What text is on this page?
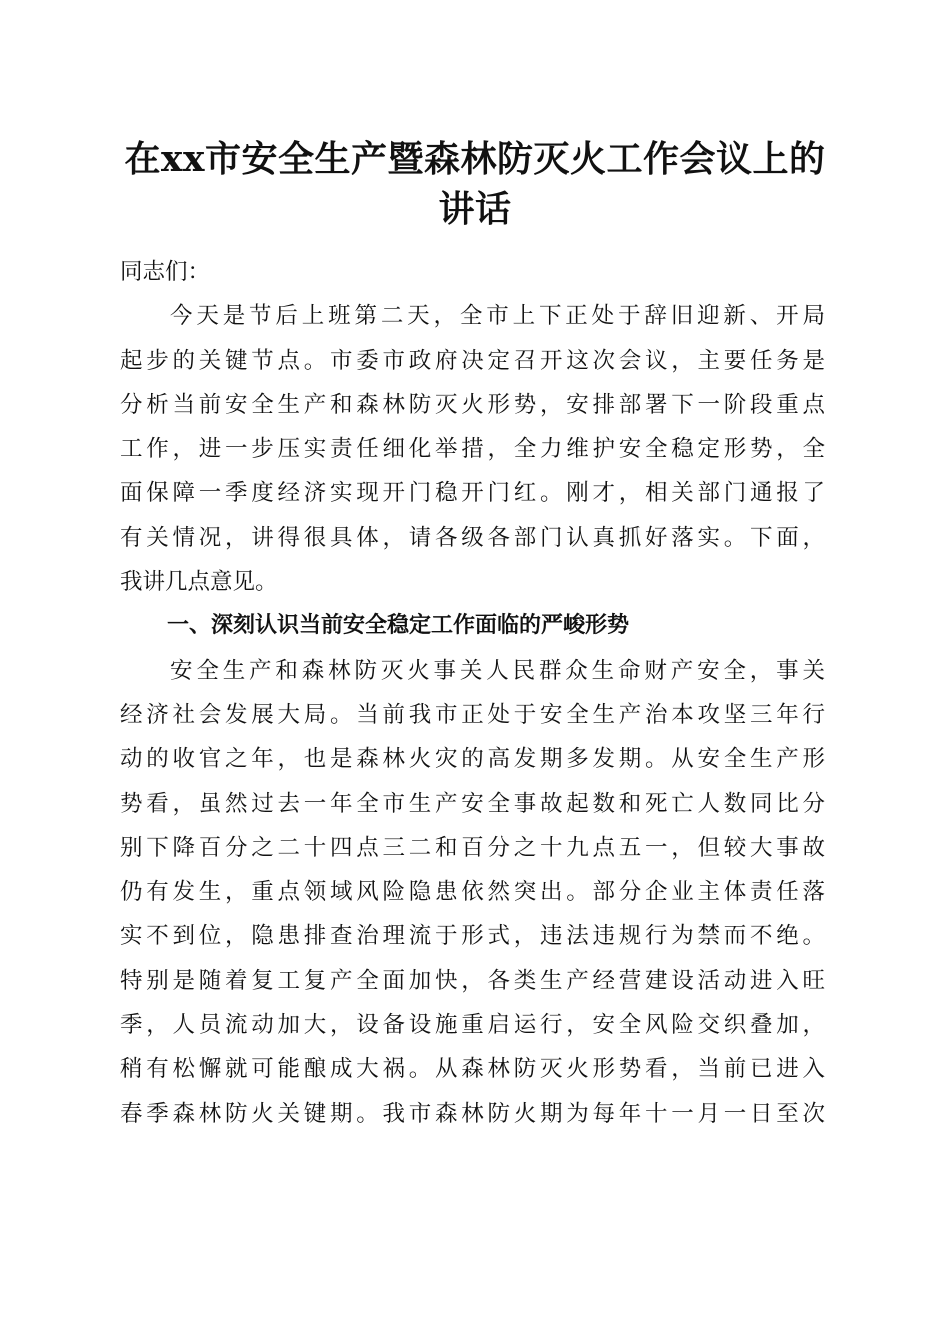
在xx市安全生产暨森林防灭火工作会议上的
讲话
同志们：
今天是节后上班第二天，全市上下正处于辞旧迎新、开局
起步的关键节点。市委市政府决定召开这次会议，主要任务是
分析当前安全生产和森林防灭火形势，安排部署下一阶段重点
工作，进一步压实责任细化举措，全力维护安全稳定形势，全
面保障一季度经济实现开门稳开门红。刚才，相关部门通报了
有关情况，讲得很具体，请各级各部门认真抓好落实。下面，
我讲几点意见。
一、深刻认识当前安全稳定工作面临的严峻形势
安全生产和森林防灭火事关人民群众生命财产安全，事关
经济社会发展大局。当前我市正处于安全生产治本攻坚三年行
动的收官之年，也是森林火灾的高发期多发期。从安全生产形
势看，虽然过去一年全市生产安全事故起数和死亡人数同比分
别下降百分之二十四点三二和百分之十九点五一，但较大事故
仍有发生，重点领域风险隐患依然突出。部分企业主体责任落
实不到位，隐患排查治理流于形式，违法违规行为禁而不绝。
特别是随着复工复产全面加快，各类生产经营建设活动进入旺
季，人员流动加大，设备设施重启运行，安全风险交织叠加，
稍有松懈就可能酿成大祸。从森林防灭火形势看，当前已进入
春季森林防火关键期。我市森林防火期为每年十一月一日至次
